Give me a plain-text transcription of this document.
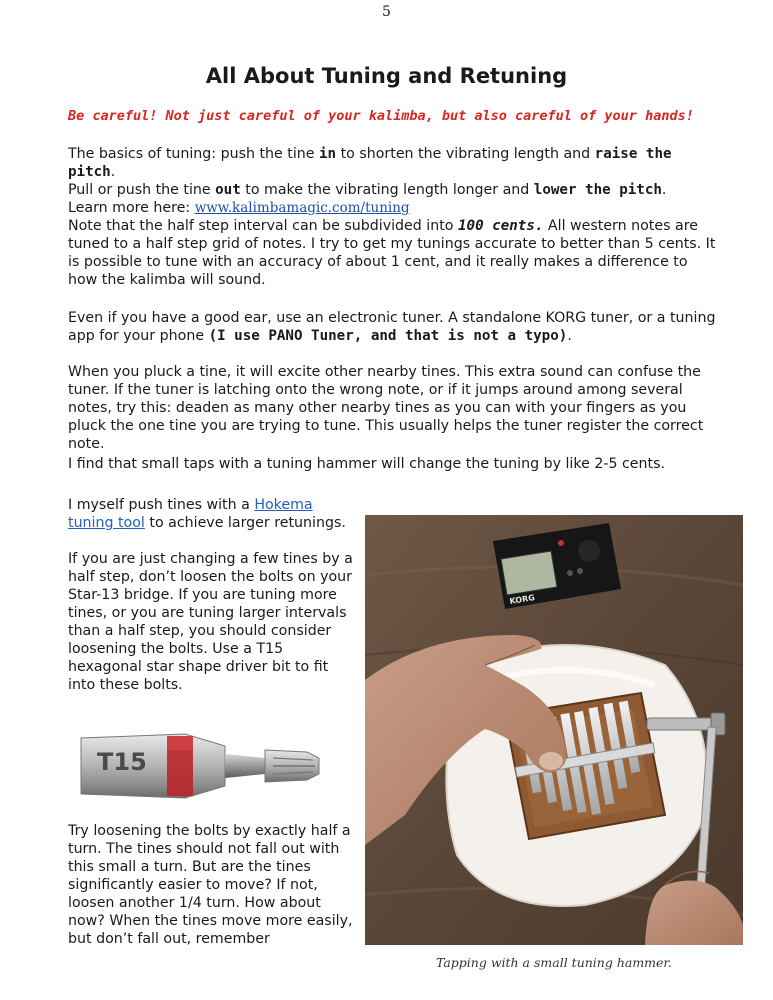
5
All About Tuning and Retuning
Be careful! Not just careful of your kalimba, but also careful of your hands!

The basics of tuning: push the tine in to shorten the vibrating length and raise the pitch.
Pull or push the tine out to make the vibrating length longer and lower the pitch.
Learn more here: www.kalimbamagic.com/tuning

Note that the half step interval can be subdivided into 100 cents. All western notes are tuned to a half step grid of notes. I try to get my tunings accurate to better than 5 cents. It is possible to tune with an accuracy of about 1 cent, and it really makes a difference to how the kalimba will sound.

Even if you have a good ear, use an electronic tuner. A standalone KORG tuner, or a tuning app for your phone (I use PANO Tuner, and that is not a typo).

When you pluck a tine, it will excite other nearby tines. This extra sound can confuse the tuner. If the tuner is latching onto the wrong note, or if it jumps around among several notes, try this: deaden as many other nearby tines as you can with your fingers as you pluck the one tine you are trying to tune. This usually helps the tuner register the correct note.

I find that small taps with a tuning hammer will change the tuning by like 2-5 cents.

I myself push tines with a Hokema tuning tool to achieve larger retunings.

If you are just changing a few tines by a half step, don’t loosen the bolts on your Star-13 bridge. If you are tuning more tines, or you are tuning larger intervals than a half step, you should consider loosening the bolts. Use a T15 hexagonal star shape driver bit to fit into these bolts.

T15

Try loosening the bolts by exactly half a turn. The tines should not fall out with this small a turn. But are the tines significantly easier to move? If not, loosen another 1/4 turn. How about now? When the tines move more easily, but don’t fall out, remember

KORG
Tapping with a small tuning hammer.
